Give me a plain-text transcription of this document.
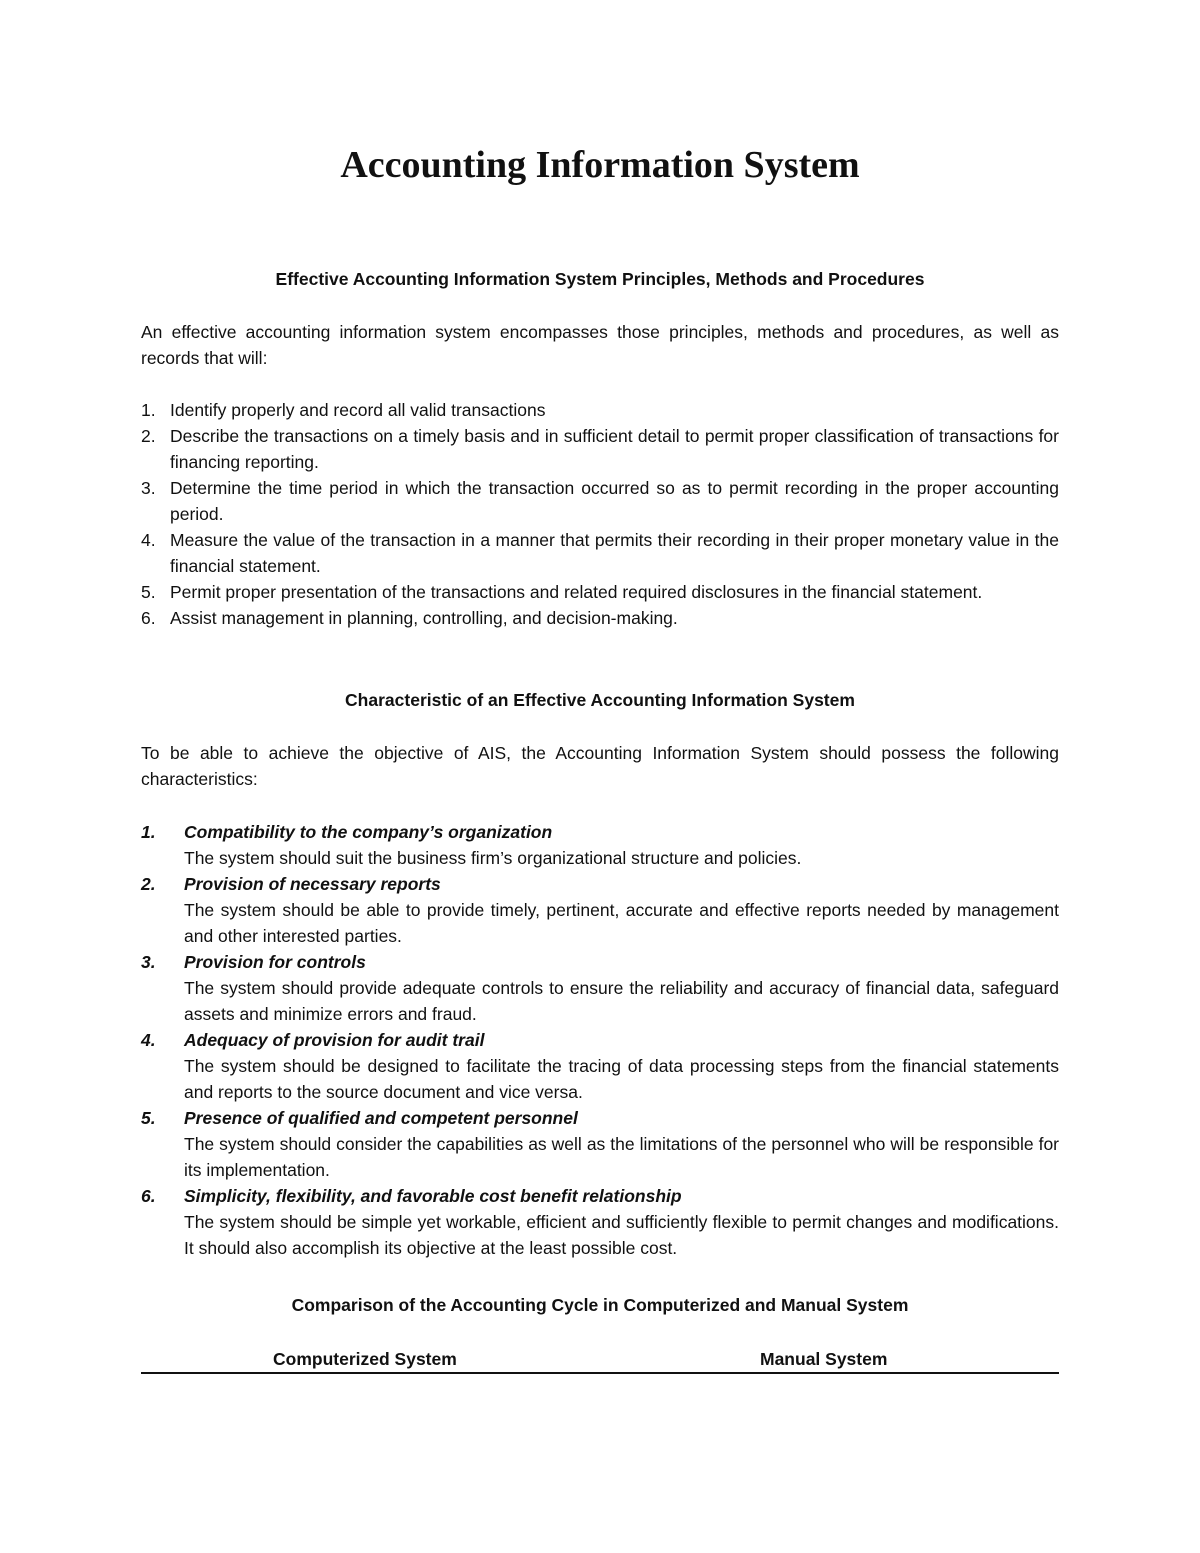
Accounting Information System
Effective Accounting Information System Principles, Methods and Procedures
An effective accounting information system encompasses those principles, methods and procedures, as well as records that will:
1. Identify properly and record all valid transactions
2. Describe the transactions on a timely basis and in sufficient detail to permit proper classification of transactions for financing reporting.
3. Determine the time period in which the transaction occurred so as to permit recording in the proper accounting period.
4. Measure the value of the transaction in a manner that permits their recording in their proper monetary value in the financial statement.
5. Permit proper presentation of the transactions and related required disclosures in the financial statement.
6. Assist management in planning, controlling, and decision-making.
Characteristic of an Effective Accounting Information System
To be able to achieve the objective of AIS, the Accounting Information System should possess the following characteristics:
1. Compatibility to the company’s organization
The system should suit the business firm’s organizational structure and policies.
2. Provision of necessary reports
The system should be able to provide timely, pertinent, accurate and effective reports needed by management and other interested parties.
3. Provision for controls
The system should provide adequate controls to ensure the reliability and accuracy of financial data, safeguard assets and minimize errors and fraud.
4. Adequacy of provision for audit trail
The system should be designed to facilitate the tracing of data processing steps from the financial statements and reports to the source document and vice versa.
5. Presence of qualified and competent personnel
The system should consider the capabilities as well as the limitations of the personnel who will be responsible for its implementation.
6. Simplicity, flexibility, and favorable cost benefit relationship
The system should be simple yet workable, efficient and sufficiently flexible to permit changes and modifications. It should also accomplish its objective at the least possible cost.
Comparison of the Accounting Cycle in Computerized and Manual System
Computerized System	Manual System
